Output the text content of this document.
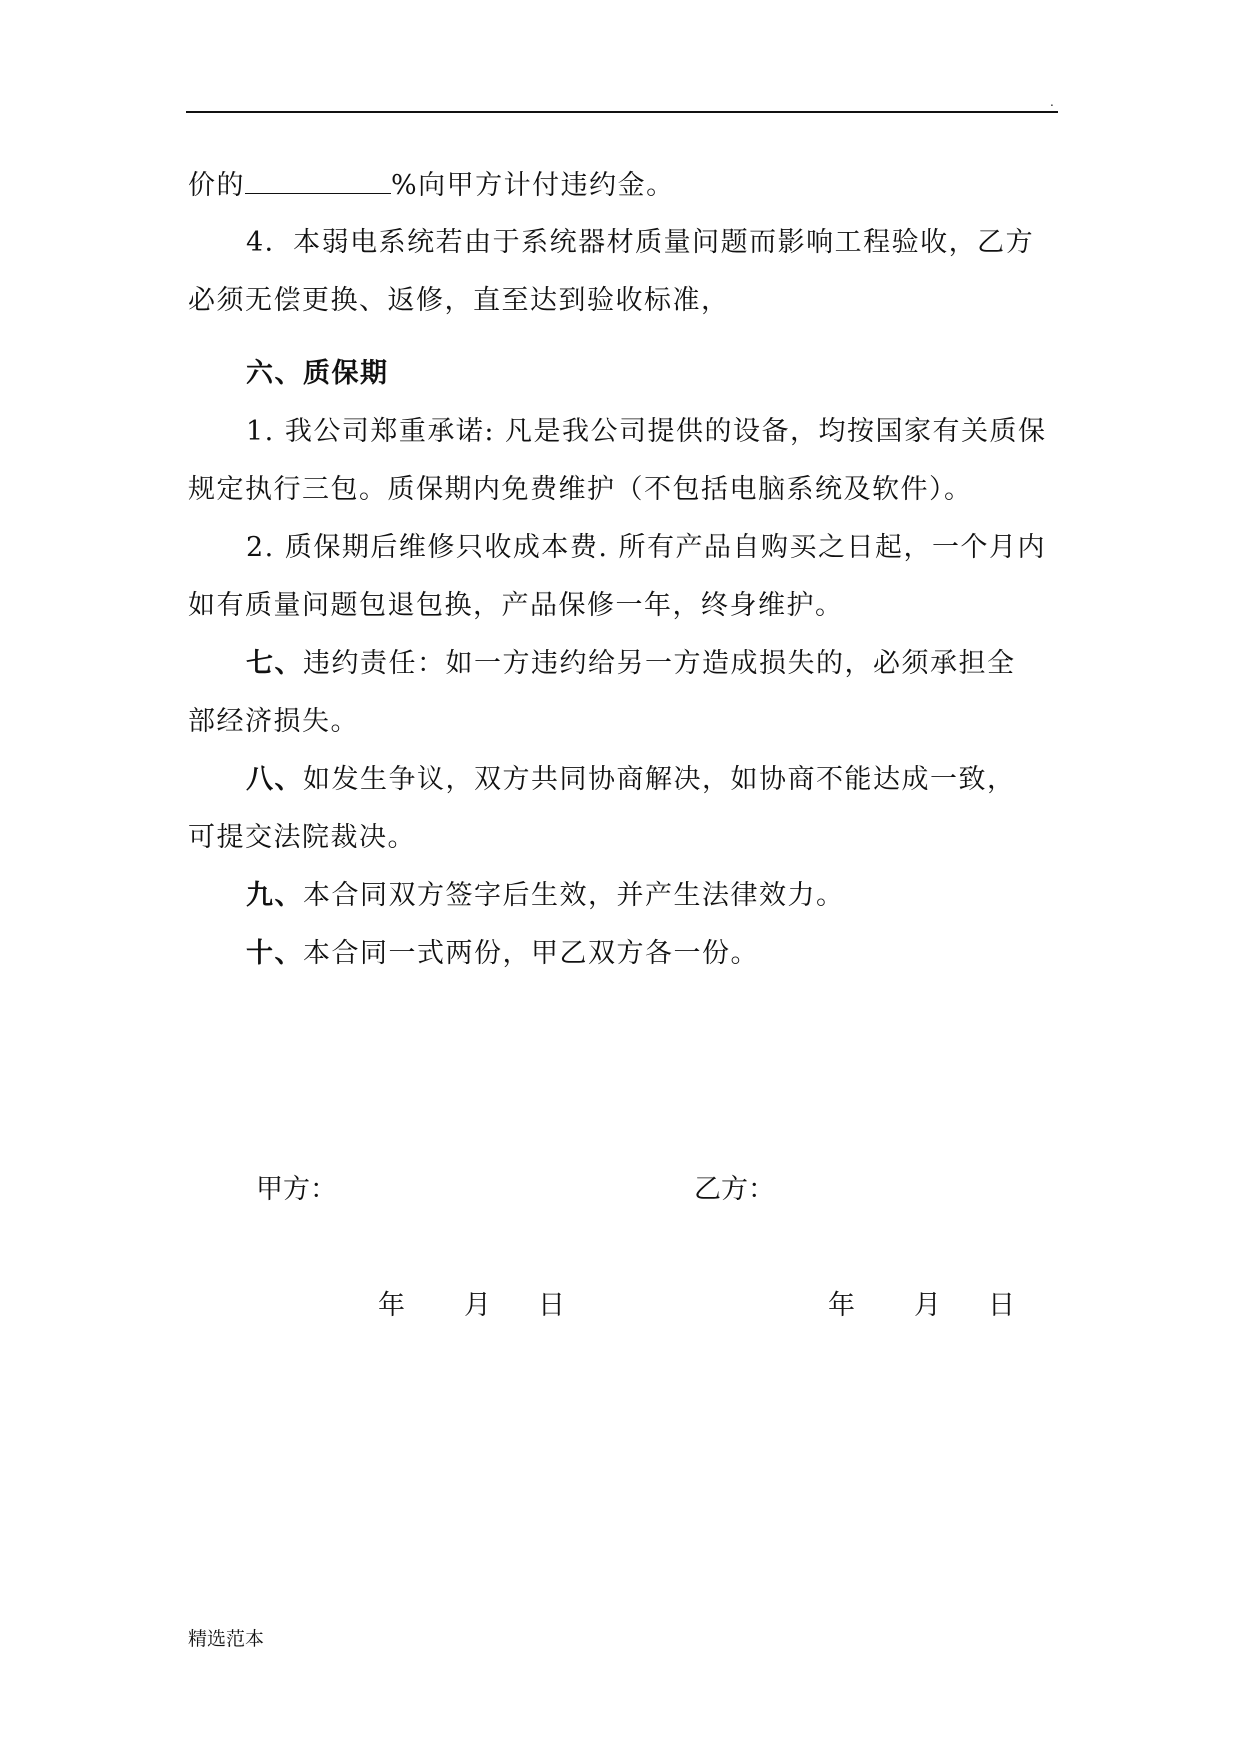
.
价的	%向甲方计付违约金。
4．本弱电系统若由于系统器材质量问题而影响工程验收，乙方
必须无偿更换、返修，直至达到验收标准，
六、质保期
1. 我公司郑重承诺: 凡是我公司提供的设备，均按国家有关质保
规定执行三包。质保期内免费维护（不包括电脑系统及软件）。
2. 质保期后维修只收成本费. 所有产品自购买之日起，一个月内
如有质量问题包退包换，产品保修一年，终身维护。
七、违约责任：如一方违约给另一方造成损失的，必须承担全
部经济损失。
八、如发生争议，双方共同协商解决，如协商不能达成一致，
可提交法院裁决。
九、本合同双方签字后生效，并产生法律效力。
十、本合同一式两份，甲乙双方各一份。
甲方：	乙方：
年 月 日	年 月 日
精选范本
